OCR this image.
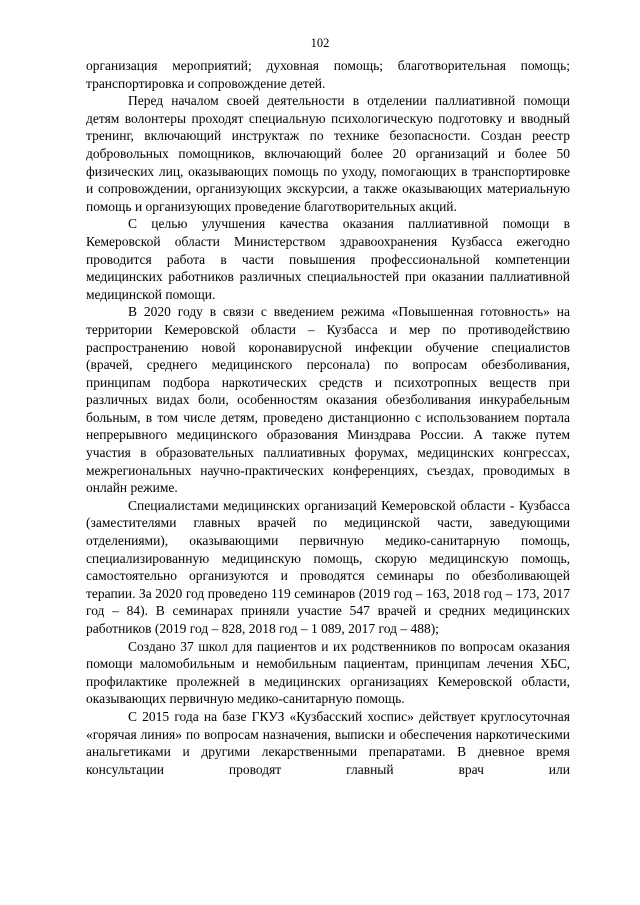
102

организация мероприятий; духовная помощь; благотворительная помощь; транспортировка и сопровождение детей.

Перед началом своей деятельности в отделении паллиативной помощи детям волонтеры проходят специальную психологическую подготовку и вводный тренинг, включающий инструктаж по технике безопасности. Создан реестр добровольных помощников, включающий более 20 организаций и более 50 физических лиц, оказывающих помощь по уходу, помогающих в транспортировке и сопровождении, организующих экскурсии, а также оказывающих материальную помощь и организующих проведение благотворительных акций.

С целью улучшения качества оказания паллиативной помощи в Кемеровской области Министерством здравоохранения Кузбасса ежегодно проводится работа в части повышения профессиональной компетенции медицинских работников различных специальностей при оказании паллиативной медицинской помощи.

В 2020 году в связи с введением режима «Повышенная готовность» на территории Кемеровской области – Кузбасса и мер по противодействию распространению новой коронавирусной инфекции обучение специалистов (врачей, среднего медицинского персонала) по вопросам обезболивания, принципам подбора наркотических средств и психотропных веществ при различных видах боли, особенностям оказания обезболивания инкурабельным больным, в том числе детям, проведено дистанционно с использованием портала непрерывного медицинского образования Минздрава России. А также путем участия в образовательных паллиативных форумах, медицинских конгрессах, межрегиональных научно-практических конференциях, съездах, проводимых в онлайн режиме.

Специалистами медицинских организаций Кемеровской области - Кузбасса (заместителями главных врачей по медицинской части, заведующими отделениями), оказывающими первичную медико-санитарную помощь, специализированную медицинскую помощь, скорую медицинскую помощь, самостоятельно организуются и проводятся семинары по обезболивающей терапии. За 2020 год проведено 119 семинаров (2019 год – 163, 2018 год – 173, 2017 год – 84). В семинарах приняли участие 547 врачей и средних медицинских работников (2019 год – 828, 2018 год – 1 089, 2017 год – 488);

Создано 37 школ для пациентов и их родственников по вопросам оказания помощи маломобильным и немобильным пациентам, принципам лечения ХБС, профилактике пролежней в медицинских организациях Кемеровской области, оказывающих первичную медико-санитарную помощь.

С 2015 года на базе ГКУЗ «Кузбасский хоспис» действует круглосуточная «горячая линия» по вопросам назначения, выписки и обеспечения наркотическими анальгетиками и другими лекарственными препаратами. В дневное время консультации проводят главный врач или
